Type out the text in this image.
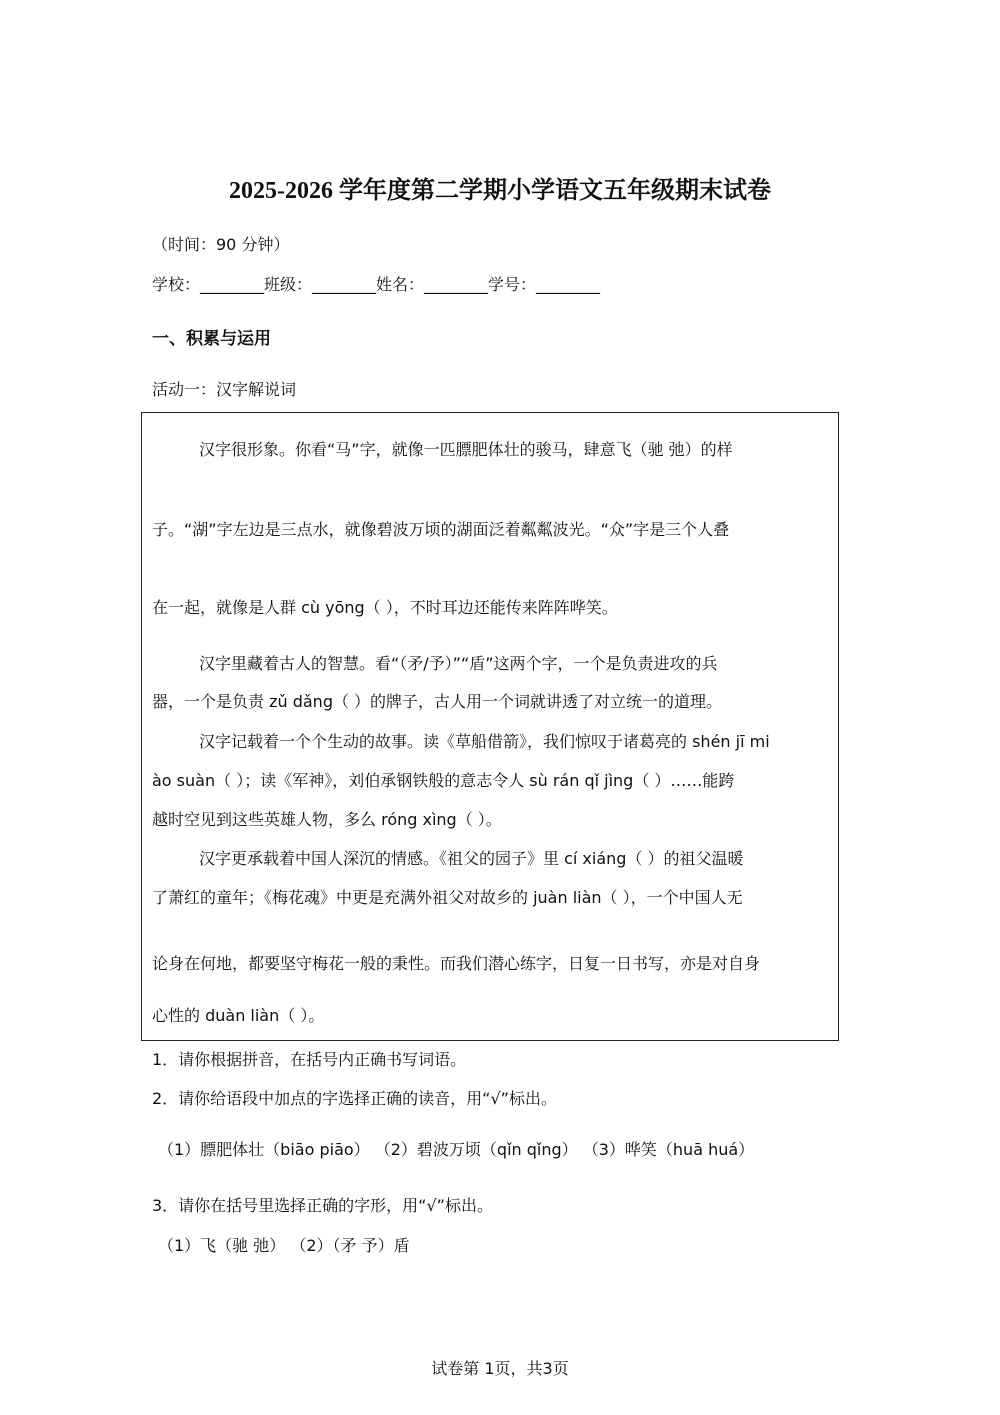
2025-2026 学年度第二学期小学语文五年级期末试卷
（时间：90 分钟）
学校：________班级：________姓名：________学号：________
一、积累与运用
活动一：汉字解说词
汉字很形象。你看“马”字，就像一匹膘肥体壮的骏马，肆意飞（驰 弛）的样
子。“湖”字左边是三点水，就像碧波万顷的湖面泛着粼粼波光。“众”字是三个人叠
在一起，就像是人群 cù yōng（ ），不时耳边还能传来阵阵哗笑。
汉字里藏着古人的智慧。看“（矛/予）”“盾”这两个字，一个是负责进攻的兵
器，一个是负责 zǔ dǎng（ ）的牌子，古人用一个词就讲透了对立统一的道理。
汉字记载着一个个生动的故事。读《草船借箭》，我们惊叹于诸葛亮的 shén jī mi
ào suàn（ ）；读《军神》，刘伯承钢铁般的意志令人 sù rán qǐ jìng（ ）……能跨
越时空见到这些英雄人物，多么 róng xìng（ ）。
汉字更承载着中国人深沉的情感。《祖父的园子》里 cí xiáng（ ）的祖父温暖
了萧红的童年；《梅花魂》中更是充满外祖父对故乡的 juàn liàn（ ），一个中国人无
论身在何地，都要坚守梅花一般的秉性。而我们潜心练字，日复一日书写，亦是对自身
心性的 duàn liàn（ ）。
1．请你根据拼音，在括号内正确书写词语。
2．请你给语段中加点的字选择正确的读音，用“√”标出。
（1）膘肥体壮（biāo piāo） （2）碧波万顷（qǐn qǐng） （3）哗笑（huā huá）
3．请你在括号里选择正确的字形，用“√”标出。
（1）飞（驰 弛） （2）（矛 予）盾
试卷第 1页，共3页
